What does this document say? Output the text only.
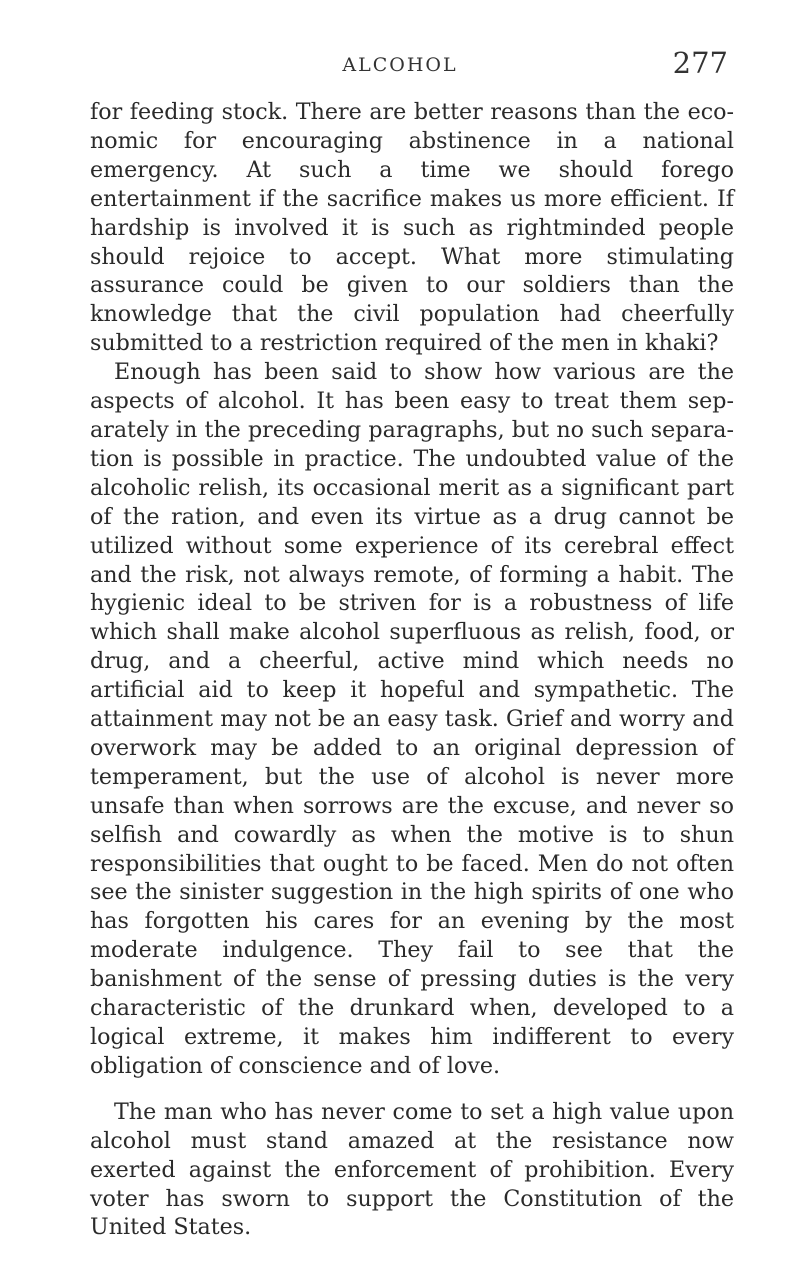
ALCOHOL	277

for feeding stock. There are better reasons than the economic for encouraging abstinence in a national emergency. At such a time we should forego entertainment if the sacrifice makes us more efficient. If hardship is involved it is such as rightminded people should rejoice to accept. What more stimulating assurance could be given to our soldiers than the knowledge that the civil population had cheerfully submitted to a restriction required of the men in khaki?

Enough has been said to show how various are the aspects of alcohol. It has been easy to treat them separately in the preceding paragraphs, but no such separation is possible in practice. The undoubted value of the alcoholic relish, its occasional merit as a significant part of the ration, and even its virtue as a drug cannot be utilized without some experience of its cerebral effect and the risk, not always remote, of forming a habit. The hygienic ideal to be striven for is a robustness of life which shall make alcohol superfluous as relish, food, or drug, and a cheerful, active mind which needs no artificial aid to keep it hopeful and sympathetic. The attainment may not be an easy task. Grief and worry and overwork may be added to an original depression of temperament, but the use of alcohol is never more unsafe than when sorrows are the excuse, and never so selfish and cowardly as when the motive is to shun responsibilities that ought to be faced. Men do not often see the sinister suggestion in the high spirits of one who has forgotten his cares for an evening by the most moderate indulgence. They fail to see that the banishment of the sense of pressing duties is the very characteristic of the drunkard when, developed to a logical extreme, it makes him indifferent to every obligation of conscience and of love.

The man who has never come to set a high value upon alcohol must stand amazed at the resistance now exerted against the enforcement of prohibition. Every voter has sworn to support the Constitution of the United States.
